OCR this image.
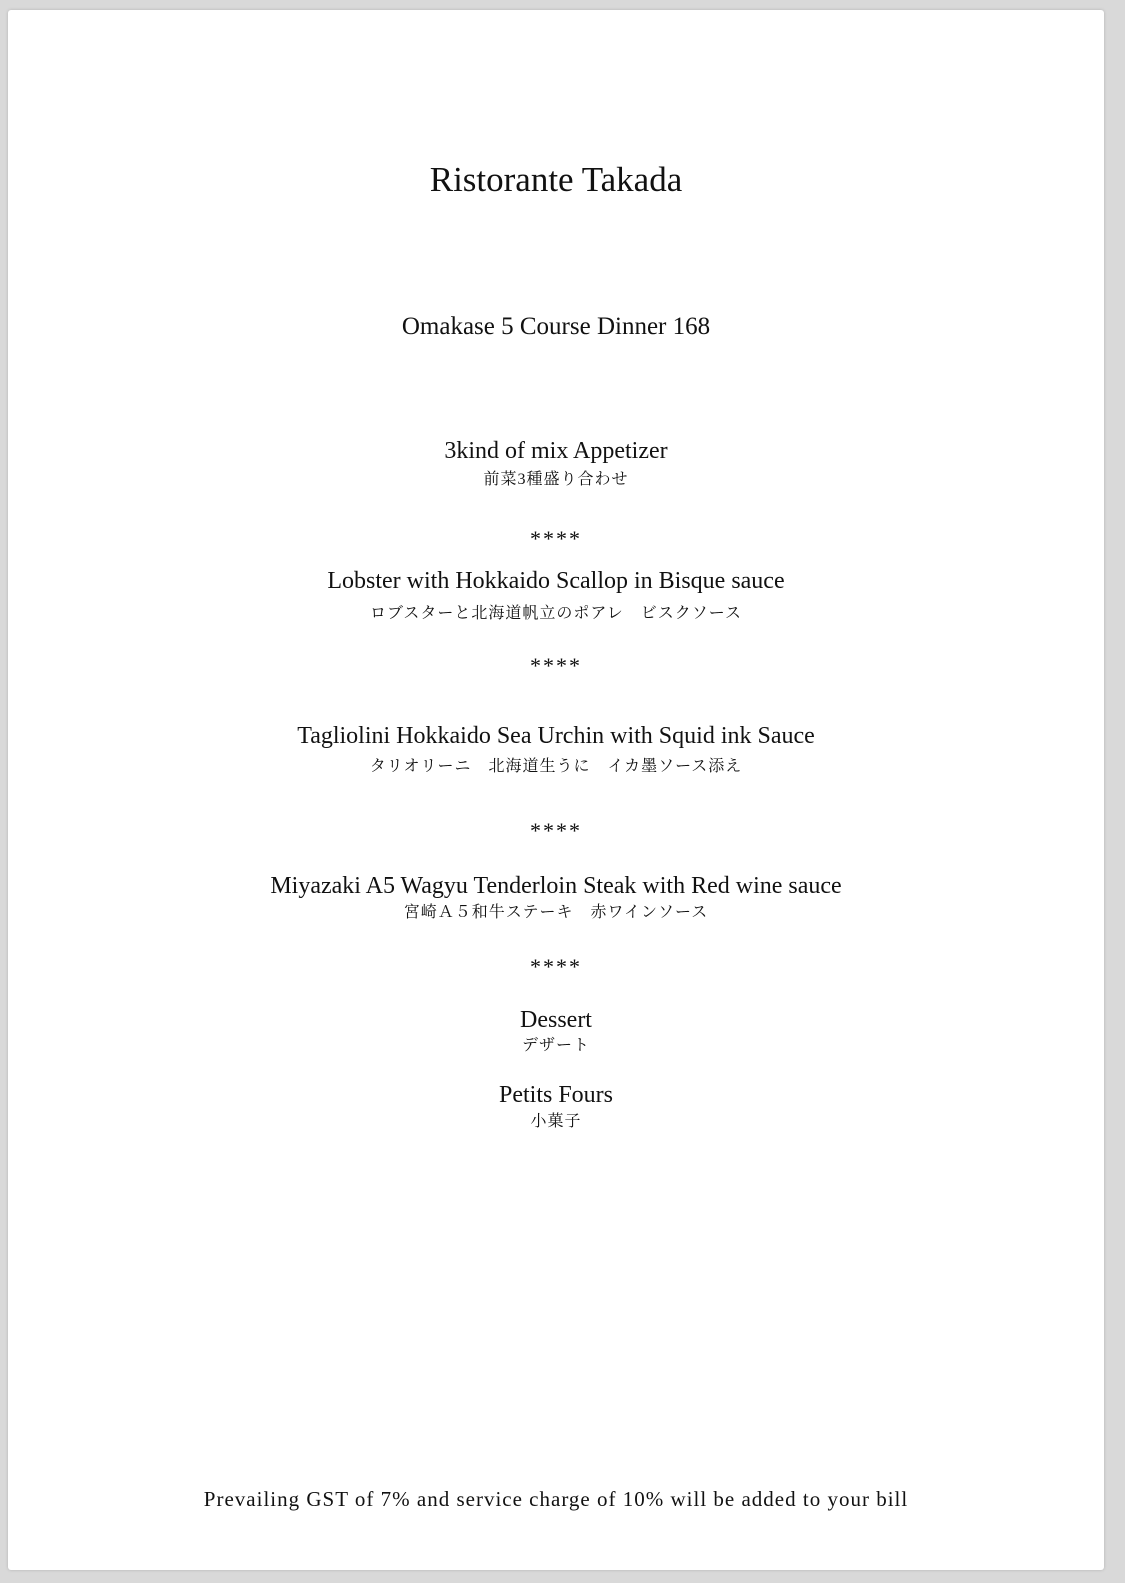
Ristorante Takada
Omakase 5 Course Dinner 168
3kind of mix Appetizer
前菜3種盛り合わせ
****
Lobster with Hokkaido Scallop in Bisque sauce
ロブスターと北海道帆立のポアレ　ビスクソース
****
Tagliolini Hokkaido Sea Urchin with Squid ink Sauce
タリオリーニ　北海道生うに　イカ墨ソース添え
****
Miyazaki A5 Wagyu Tenderloin Steak with Red wine sauce
宮崎Ａ５和牛ステーキ　赤ワインソース
****
Dessert
デザート
Petits Fours
小菓子
Prevailing GST of 7% and service charge of 10% will be added to your bill
